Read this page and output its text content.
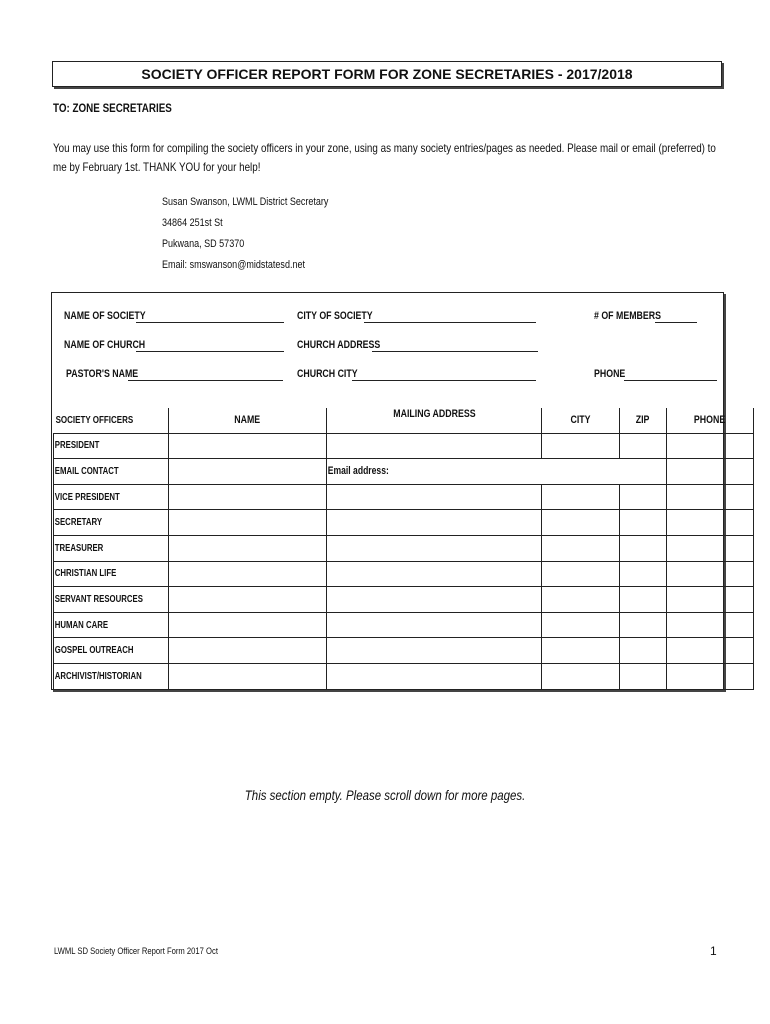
SOCIETY OFFICER REPORT FORM FOR ZONE SECRETARIES - 2017/2018
TO: ZONE SECRETARIES
You may use this form for compiling the society officers in your zone, using as many society entries/pages as needed. Please mail or email (preferred) to me by February 1st. THANK YOU for your help!
Susan Swanson, LWML District Secretary
34864 251st St
Pukwana, SD 57370
Email: smswanson@midstatesd.net
NAME OF SOCIETY	CITY OF SOCIETY	# OF MEMBERS
NAME OF CHURCH	CHURCH ADDRESS
PASTOR'S NAME	CHURCH CITY	PHONE
SOCIETY OFFICERS	NAME	MAILING ADDRESS	CITY	ZIP	PHONE
PRESIDENT					
EMAIL CONTACT		Email address:			
VICE PRESIDENT					
SECRETARY					
TREASURER					
CHRISTIAN LIFE					
SERVANT RESOURCES					
HUMAN CARE					
GOSPEL OUTREACH					
ARCHIVIST/HISTORIAN					
This section empty. Please scroll down for more pages.
LWML SD Society Officer Report Form 2017 Oct	1
